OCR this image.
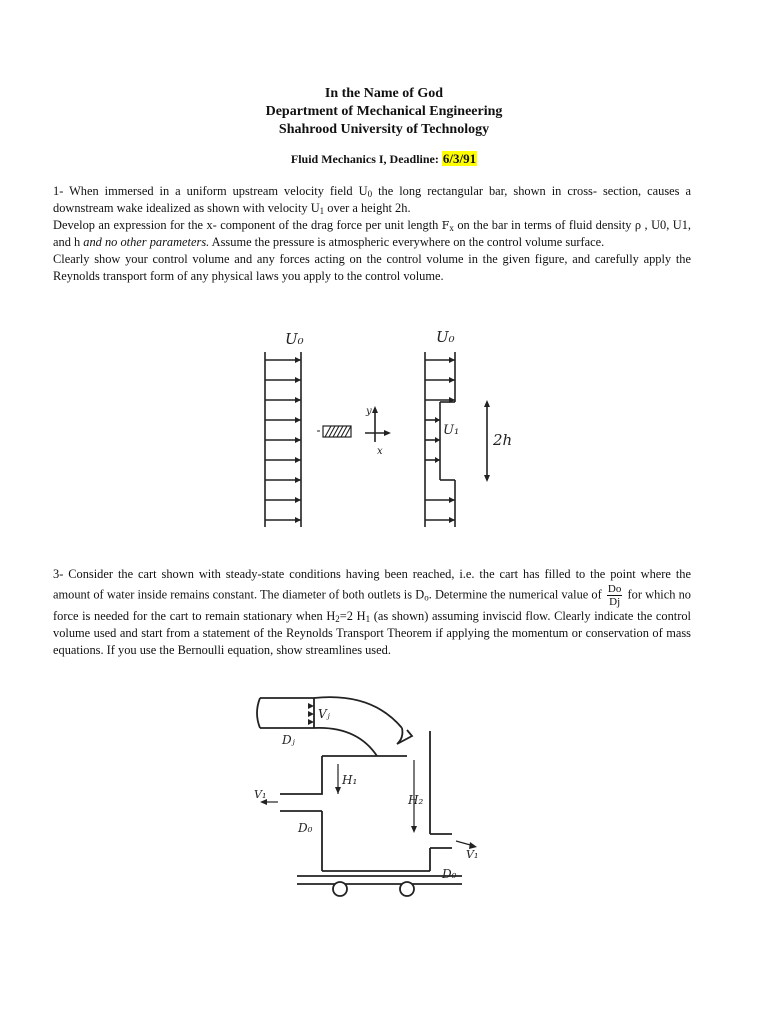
In the Name of God
Department of Mechanical Engineering
Shahrood University of Technology
Fluid Mechanics I, Deadline: 6/3/91

1- When immersed in a uniform upstream velocity field $U_0$ the long rectangular bar, shown in cross- section, causes a downstream wake idealized as shown with velocity $U_1$ over a height 2h.

Develop an expression for the x- component of the drag force per unit length $F_x$ on the bar in terms of fluid density ρ , U0, U1, and h and no other parameters. Assume the pressure is atmospheric everywhere on the control volume surface.

Clearly show your control volume and any forces acting on the control volume in the given figure, and carefully apply the Reynolds transport form of any physical laws you apply to the control volume.

U₀	U₀
U₁
2h
y
x

3- Consider the cart shown with steady-state conditions having been reached, i.e. the cart has filled to the point where the amount of water inside remains constant. The diameter of both outlets is $D_o$. Determine the numerical value of $\frac{Do}{Dj}$ for which no force is needed for the cart to remain stationary when $H_2=2$ $H_1$ (as shown) assuming inviscid flow. Clearly indicate the control volume used and start from a statement of the Reynolds Transport Theorem if applying the momentum or conservation of mass equations. If you use the Bernoulli equation, show streamlines used.

Vⱼ
Dⱼ
H₁
H₂
V₁
V₁
D₀
D₀
